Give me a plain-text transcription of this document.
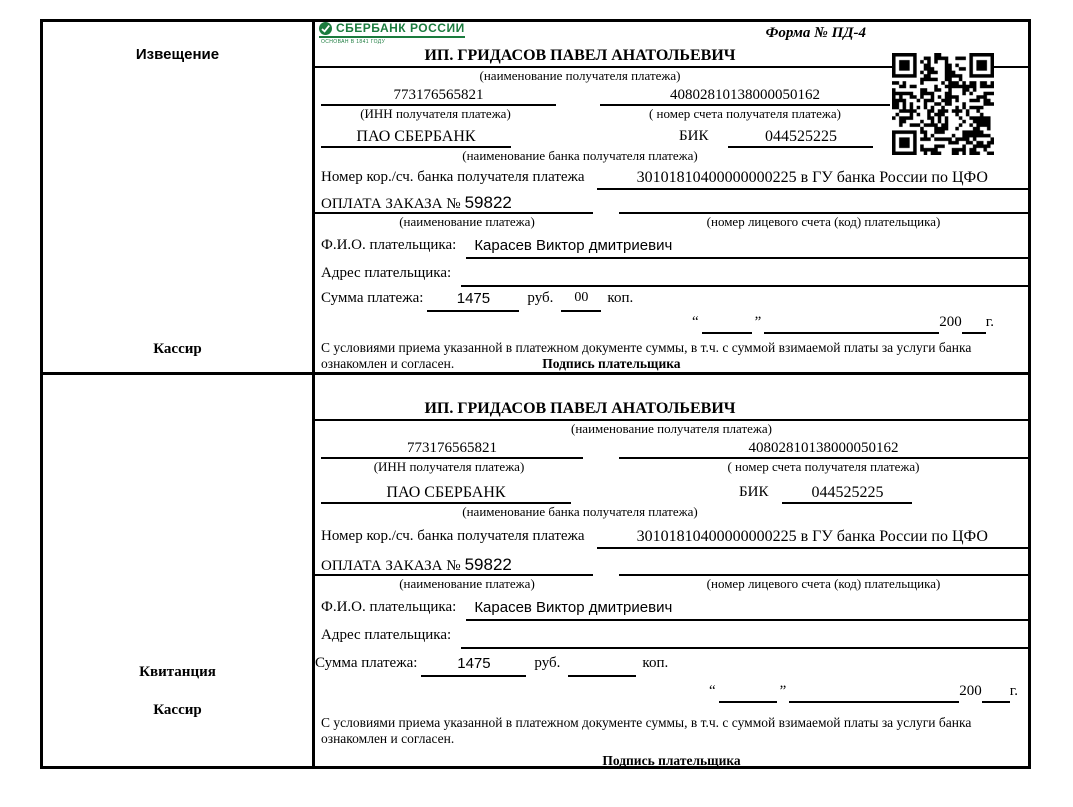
Извещение
Кассир
СБЕРБАНК РОССИИ
ОСНОВАН В 1841 ГОДУ
Форма № ПД-4
ИП. ГРИДАСОВ ПАВЕЛ АНАТОЛЬЕВИЧ
(наименование получателя платежа)
773176565821	40802810138000050162
(ИНН получателя платежа)	( номер счета получателя платежа)
ПАО СБЕРБАНК	БИК	044525225
(наименование банка получателя платежа)
Номер кор./сч. банка получателя платежа	30101810400000000225 в ГУ банка России по ЦФО
ОПЛАТА ЗАКАЗА № 59822
(наименование платежа)	(номер лицевого счета (код) плательщика)
Ф.И.О. плательщика:	Карасев Виктор дмитриевич
Адрес плательщика:
Сумма платежа:	1475	руб.	00	коп.
“	”	200 г.
С условиями приема указанной в платежном документе суммы, в т.ч. с суммой взимаемой платы за услуги банка
ознакомлен и согласен.	Подпись плательщика
Квитанция
Кассир
ИП. ГРИДАСОВ ПАВЕЛ АНАТОЛЬЕВИЧ
(наименование получателя платежа)
773176565821	40802810138000050162
(ИНН получателя платежа)	( номер счета получателя платежа)
ПАО СБЕРБАНК	БИК	044525225
(наименование банка получателя платежа)
Номер кор./сч. банка получателя платежа	30101810400000000225 в ГУ банка России по ЦФО
ОПЛАТА ЗАКАЗА № 59822
(наименование платежа)	(номер лицевого счета (код) плательщика)
Ф.И.О. плательщика:	Карасев Виктор дмитриевич
Адрес плательщика:
Сумма платежа:	1475	руб.	коп.
“	”	200 г.
С условиями приема указанной в платежном документе суммы, в т.ч. с суммой взимаемой платы за услуги банка
ознакомлен и согласен.
Подпись плательщика
